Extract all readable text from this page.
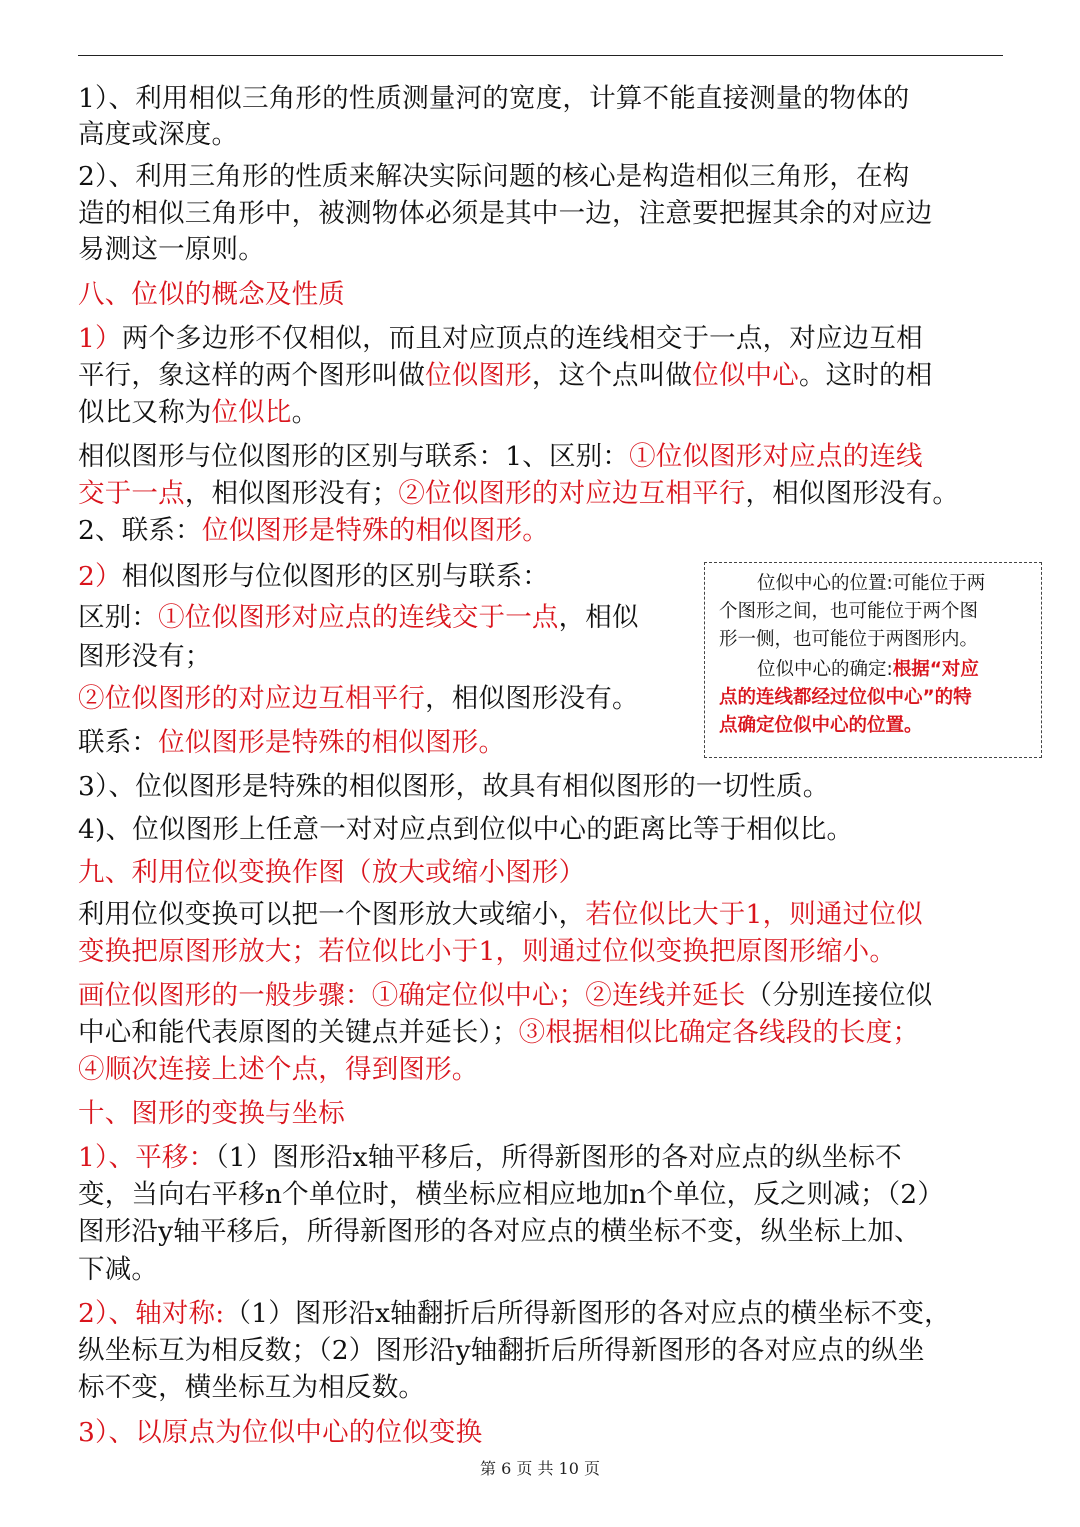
1）、利用相似三角形的性质测量河的宽度，计算不能直接测量的物体的
高度或深度。
2）、利用三角形的性质来解决实际问题的核心是构造相似三角形，在构
造的相似三角形中，被测物体必须是其中一边，注意要把握其余的对应边
易测这一原则。
八、位似的概念及性质
1）两个多边形不仅相似，而且对应顶点的连线相交于一点，对应边互相
平行，象这样的两个图形叫做位似图形，这个点叫做位似中心。这时的相
似比又称为位似比。
相似图形与位似图形的区别与联系：1、区别：①位似图形对应点的连线
交于一点，相似图形没有；②位似图形的对应边互相平行，相似图形没有。
2、联系：位似图形是特殊的相似图形。
2）相似图形与位似图形的区别与联系：
区别：①位似图形对应点的连线交于一点，相似
图形没有；
②位似图形的对应边互相平行，相似图形没有。
联系：位似图形是特殊的相似图形。
3）、位似图形是特殊的相似图形，故具有相似图形的一切性质。
4)、位似图形上任意一对对应点到位似中心的距离比等于相似比。
九、利用位似变换作图（放大或缩小图形）
利用位似变换可以把一个图形放大或缩小，若位似比大于1，则通过位似
变换把原图形放大；若位似比小于1，则通过位似变换把原图形缩小。
画位似图形的一般步骤：①确定位似中心；②连线并延长（分别连接位似
中心和能代表原图的关键点并延长）；③根据相似比确定各线段的长度；
④顺次连接上述个点，得到图形。
十、图形的变换与坐标
1）、平移：（1）图形沿x轴平移后，所得新图形的各对应点的纵坐标不
变，当向右平移n个单位时，横坐标应相应地加n个单位，反之则减；（2）
图形沿y轴平移后，所得新图形的各对应点的横坐标不变，纵坐标上加、
下减。
2）、轴对称:（1）图形沿x轴翻折后所得新图形的各对应点的横坐标不变，
纵坐标互为相反数；（2）图形沿y轴翻折后所得新图形的各对应点的纵坐
标不变，横坐标互为相反数。
3）、以原点为位似中心的位似变换
位似中心的位置:可能位于两
个图形之间，也可能位于两个图
形一侧，也可能位于两图形内。
位似中心的确定:根据“对应
点的连线都经过位似中心”的特
点确定位似中心的位置。
第 6 页 共 10 页
